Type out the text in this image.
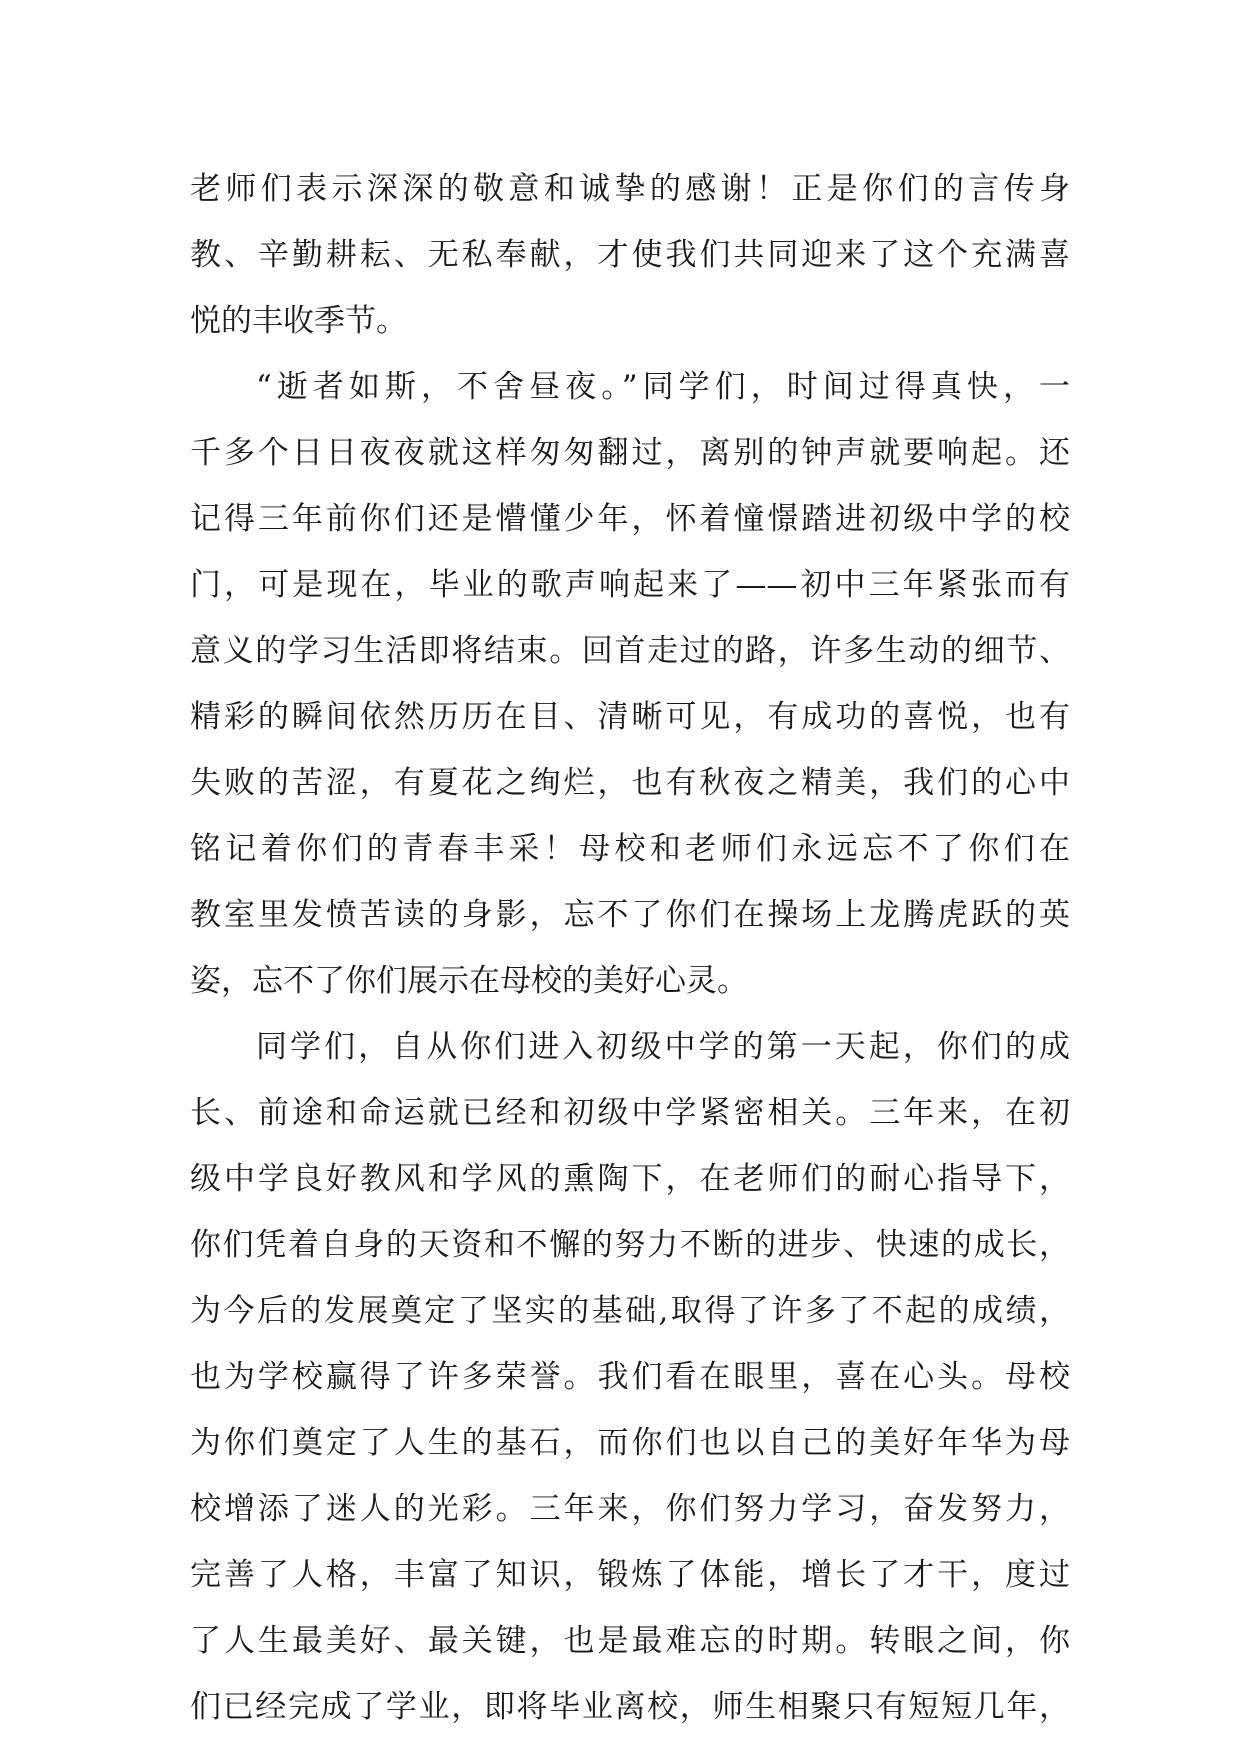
老师们表示深深的敬意和诚挚的感谢！正是你们的言传身
教、辛勤耕耘、无私奉献，才使我们共同迎来了这个充满喜
悦的丰收季节。
“逝者如斯，不舍昼夜。”同学们，时间过得真快，一
千多个日日夜夜就这样匆匆翻过，离别的钟声就要响起。还
记得三年前你们还是懵懂少年，怀着憧憬踏进初级中学的校
门，可是现在，毕业的歌声响起来了——初中三年紧张而有
意义的学习生活即将结束。回首走过的路，许多生动的细节、
精彩的瞬间依然历历在目、清晰可见，有成功的喜悦，也有
失败的苦涩，有夏花之绚烂，也有秋夜之精美，我们的心中
铭记着你们的青春丰采！母校和老师们永远忘不了你们在
教室里发愤苦读的身影，忘不了你们在操场上龙腾虎跃的英
姿，忘不了你们展示在母校的美好心灵。
同学们，自从你们进入初级中学的第一天起，你们的成
长、前途和命运就已经和初级中学紧密相关。三年来，在初
级中学良好教风和学风的熏陶下，在老师们的耐心指导下，
你们凭着自身的天资和不懈的努力不断的进步、快速的成长，
为今后的发展奠定了坚实的基础,取得了许多了不起的成绩，
也为学校赢得了许多荣誉。我们看在眼里，喜在心头。母校
为你们奠定了人生的基石，而你们也以自己的美好年华为母
校增添了迷人的光彩。三年来，你们努力学习，奋发努力，
完善了人格，丰富了知识，锻炼了体能，增长了才干，度过
了人生最美好、最关键，也是最难忘的时期。转眼之间，你
们已经完成了学业，即将毕业离校，师生相聚只有短短几年，
